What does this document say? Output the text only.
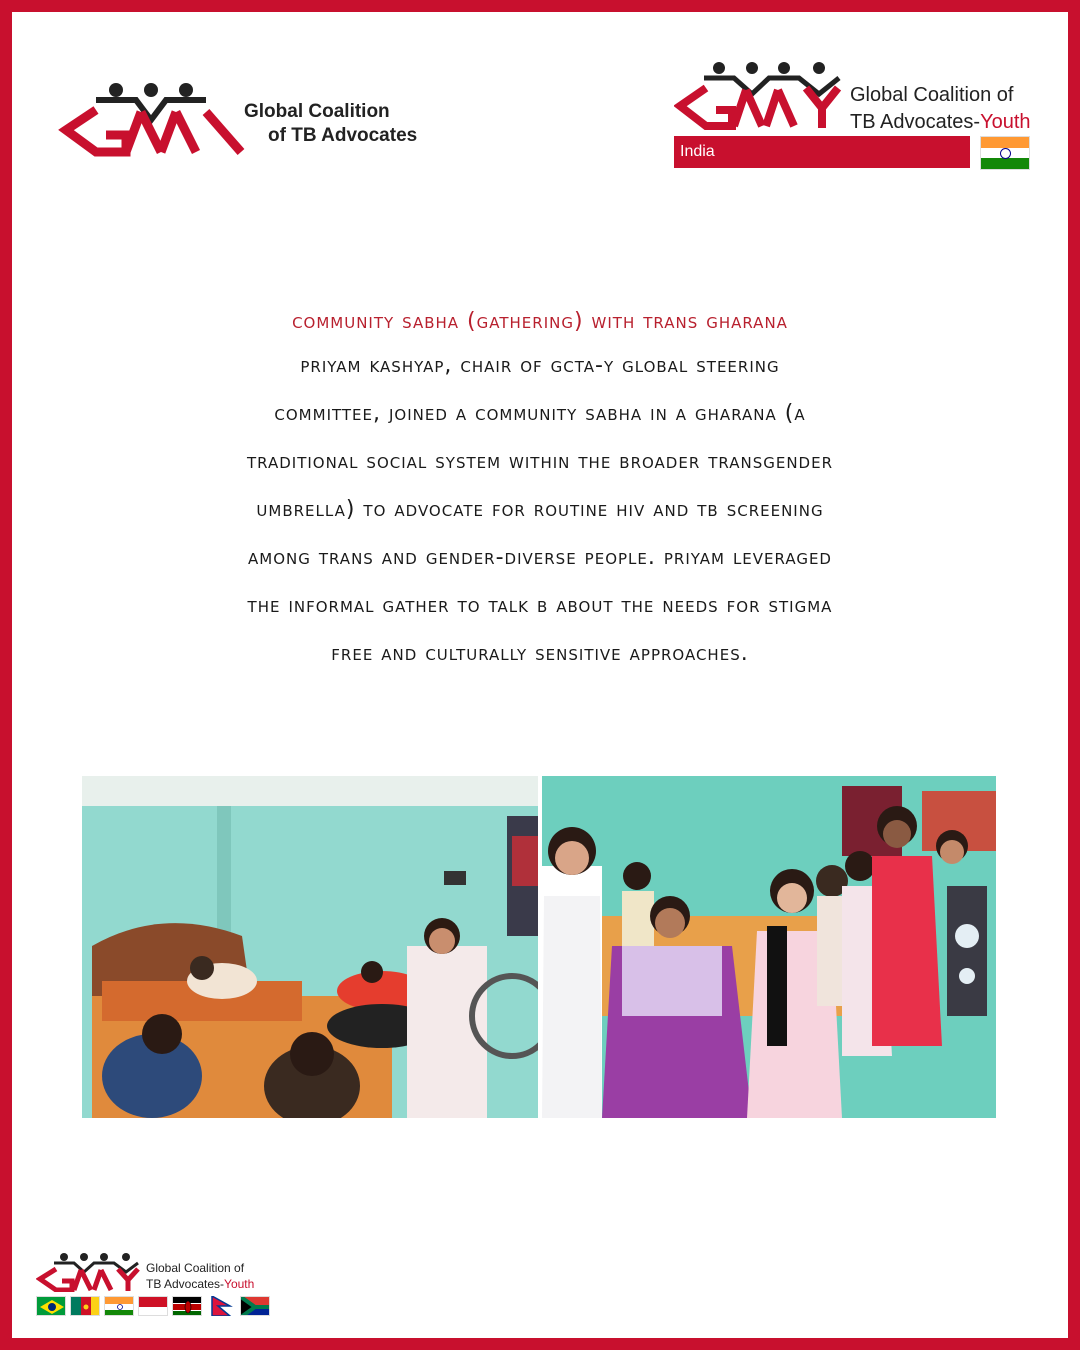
Global Coalition
of TB Advocates
Global Coalition of
TB Advocates-Youth
India

community sabha (gathering) with trans gharana

priyam kashyap, chair of gcta-y global steering

committee, joined a community sabha in a gharana (a

traditional social system within the broader transgender

umbrella) to advocate for routine hiv and tb screening

among trans and gender-diverse people. priyam leveraged

the informal gather to talk b about the needs for stigma

free and culturally sensitive approaches.

Global Coalition of
TB Advocates-Youth
